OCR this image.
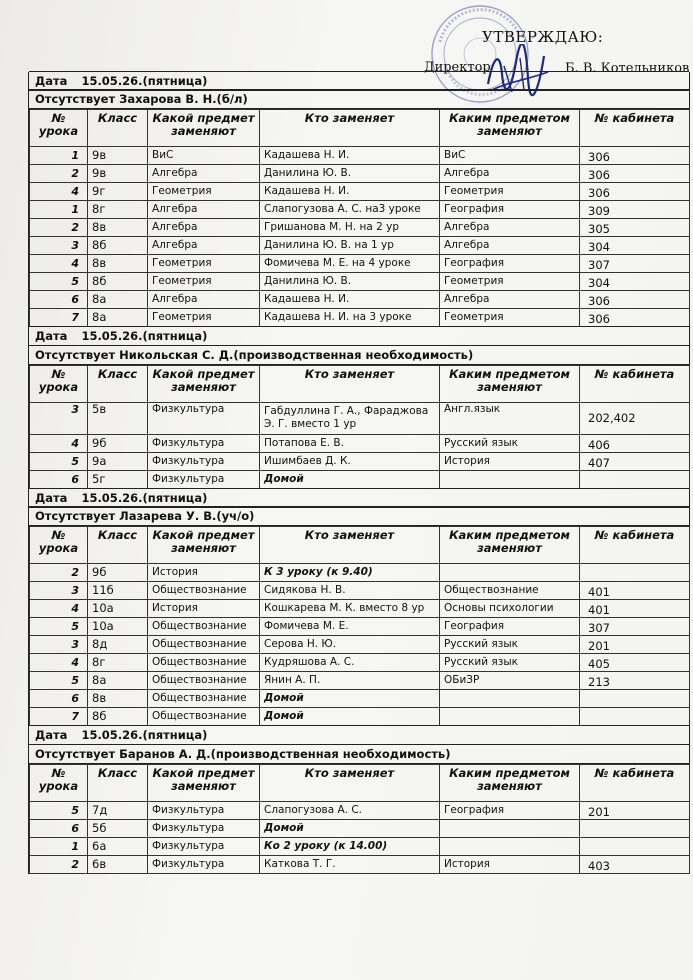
УТВЕРЖДАЮ:
Директор	Б. В. Котельников
Дата 15.05.26.(пятница)
Отсутствует Захарова В. Н.(б/л)
№ урока	Класс	Какой предмет заменяют	Кто заменяет	Каким предметом заменяют	№ кабинета
1	9в	ВиС	Кадашева Н. И.	ВиС	306
2	9в	Алгебра	Данилина Ю. В.	Алгебра	306
4	9г	Геометрия	Кадашева Н. И.	Геометрия	306
1	8г	Алгебра	Слапогузова А. С. на3 уроке	География	309
2	8в	Алгебра	Гришанова М. Н. на 2 ур	Алгебра	305
3	8б	Алгебра	Данилина Ю. В. на 1 ур	Алгебра	304
4	8в	Геометрия	Фомичева М. Е. на 4 уроке	География	307
5	8б	Геометрия	Данилина Ю. В.	Геометрия	304
6	8а	Алгебра	Кадашева Н. И.	Алгебра	306
7	8а	Геометрия	Кадашева Н. И. на 3 уроке	Геометрия	306
Дата 15.05.26.(пятница)
Отсутствует Никольская С. Д.(производственная необходимость)
№ урока	Класс	Какой предмет заменяют	Кто заменяет	Каким предметом заменяют	№ кабинета
3	5в	Физкультура	Габдуллина Г. А., Фараджова Э. Г. вместо 1 ур	Англ.язык	202,402
4	9б	Физкультура	Потапова Е. В.	Русский язык	406
5	9а	Физкультура	Ишимбаев Д. К.	История	407
6	5г	Физкультура	Домой		
Дата 15.05.26.(пятница)
Отсутствует Лазарева У. В.(уч/о)
№ урока	Класс	Какой предмет заменяют	Кто заменяет	Каким предметом заменяют	№ кабинета
2	9б	История	К 3 уроку (к 9.40)		
3	11б	Обществознание	Сидякова Н. В.	Обществознание	401
4	10а	История	Кошкарева М. К. вместо 8 ур	Основы психологии	401
5	10а	Обществознание	Фомичева М. Е.	География	307
3	8д	Обществознание	Серова Н. Ю.	Русский язык	201
4	8г	Обществознание	Кудряшова А. С.	Русский язык	405
5	8а	Обществознание	Янин А. П.	ОБиЗР	213
6	8в	Обществознание	Домой		
7	8б	Обществознание	Домой		
Дата 15.05.26.(пятница)
Отсутствует Баранов А. Д.(производственная необходимость)
№ урока	Класс	Какой предмет заменяют	Кто заменяет	Каким предметом заменяют	№ кабинета
5	7д	Физкультура	Слапогузова А. С.	География	201
6	5б	Физкультура	Домой		
1	6а	Физкультура	Ко 2 уроку (к 14.00)		
2	6в	Физкультура	Каткова Т. Г.	История	403
